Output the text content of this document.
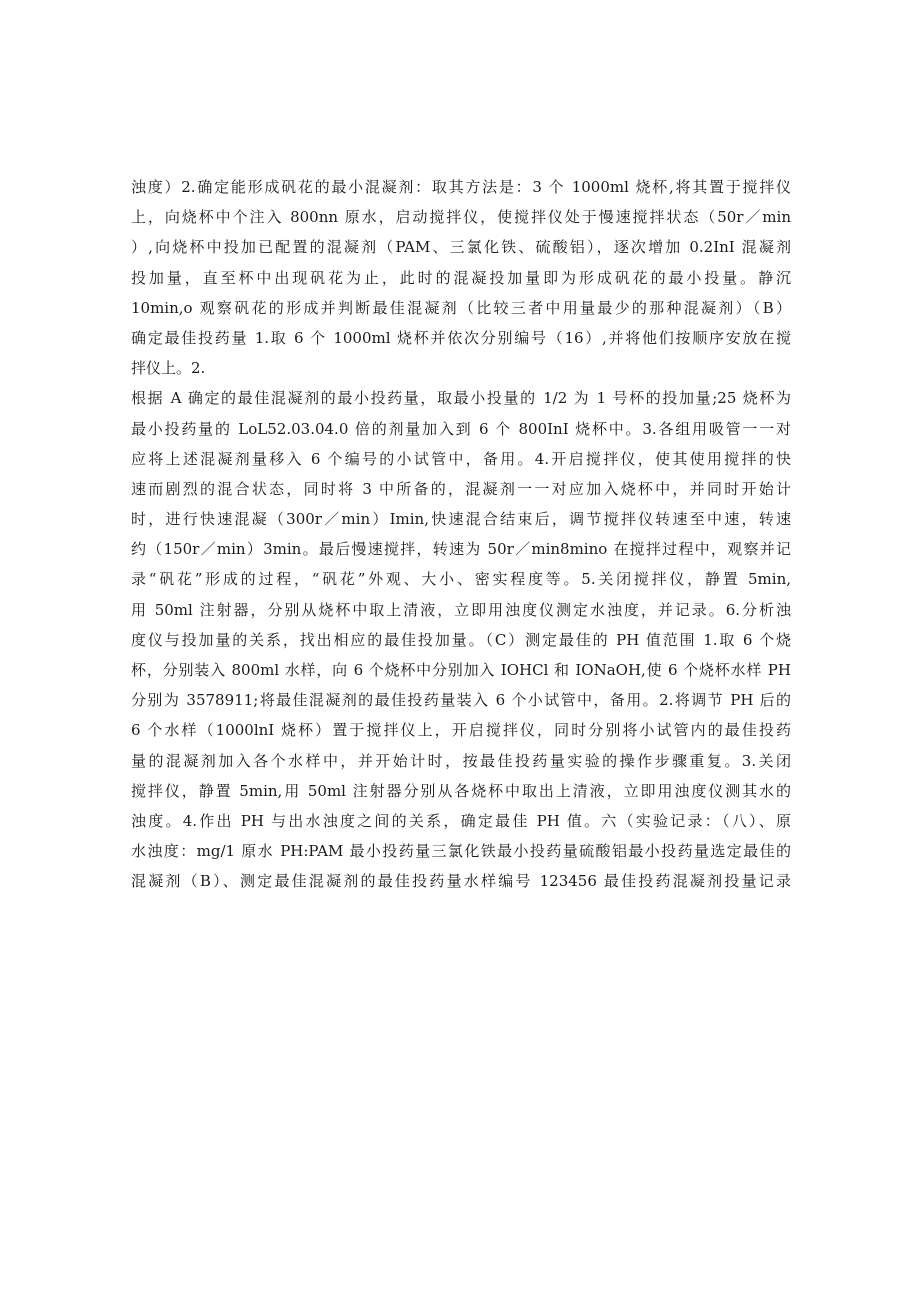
浊度）2.确定能形成矾花的最小混凝剂：取其方法是：3 个 1000ml 烧杯,将其置于搅拌仪
上，向烧杯中个注入 800nn 原水，启动搅拌仪，使搅拌仪处于慢速搅拌状态（50r／min
）,向烧杯中投加已配置的混凝剂（PAM、三氯化铁、硫酸铝），逐次增加 0.2InI 混凝剂
投加量，直至杯中出现矾花为止，此时的混凝投加量即为形成矾花的最小投量。静沉
10min,o 观察矾花的形成并判断最佳混凝剂（比较三者中用量最少的那种混凝剂）（B）
确定最佳投药量 1.取 6 个 1000ml 烧杯并依次分别编号（16）,并将他们按顺序安放在搅
拌仪上。2.
根据 A 确定的最佳混凝剂的最小投药量，取最小投量的 1/2 为 1 号杯的投加量;25 烧杯为
最小投药量的 LoL52.03.04.0 倍的剂量加入到 6 个 800InI 烧杯中。3.各组用吸管一一对
应将上述混凝剂量移入 6 个编号的小试管中，备用。4.开启搅拌仪，使其使用搅拌的快
速而剧烈的混合状态，同时将 3 中所备的，混凝剂一一对应加入烧杯中，并同时开始计
时，进行快速混凝（300r／min）Imin,快速混合结束后，调节搅拌仪转速至中速，转速
约（150r／min）3min。最后慢速搅拌，转速为 50r／min8mino 在搅拌过程中，观察并记
录“矾花”形成的过程，“矾花”外观、大小、密实程度等。5.关闭搅拌仪，静置 5min,
用 50ml 注射器，分别从烧杯中取上清液，立即用浊度仪测定水浊度，并记录。6.分析浊
度仪与投加量的关系，找出相应的最佳投加量。（C）测定最佳的 PH 值范围 1.取 6 个烧
杯，分别装入 800ml 水样，向 6 个烧杯中分别加入 IOHCl 和 IONaOH,使 6 个烧杯水样 PH
分别为 3578911;将最佳混凝剂的最佳投药量装入 6 个小试管中，备用。2.将调节 PH 后的
6 个水样（1000lnI 烧杯）置于搅拌仪上，开启搅拌仪，同时分别将小试管内的最佳投药
量的混凝剂加入各个水样中，并开始计时，按最佳投药量实验的操作步骤重复。3.关闭
搅拌仪，静置 5min,用 50ml 注射器分别从各烧杯中取出上清液，立即用浊度仪测其水的
浊度。4.作出 PH 与出水浊度之间的关系，确定最佳 PH 值。六（实验记录：（八）、原
水浊度：mg/1 原水 PH:PAM 最小投药量三氯化铁最小投药量硫酸铝最小投药量选定最佳的
混凝剂（B）、测定最佳混凝剂的最佳投药量水样编号 123456 最佳投药混凝剂投量记录
